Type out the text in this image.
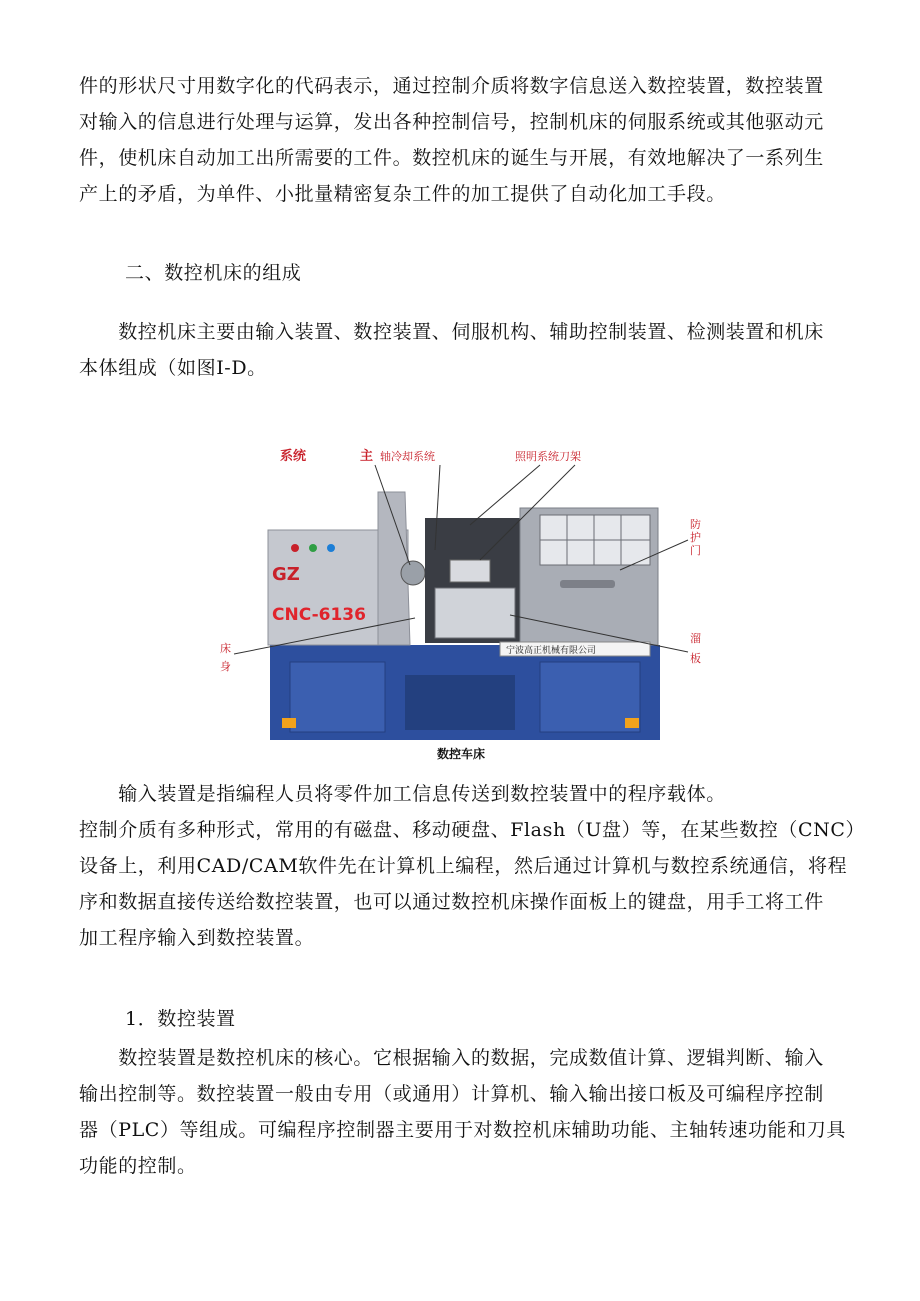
件的形状尺寸用数字化的代码表示，通过控制介质将数字信息送入数控装置，数控装置
对输入的信息进行处理与运算，发出各种控制信号，控制机床的伺服系统或其他驱动元
件，使机床自动加工出所需要的工件。数控机床的诞生与开展，有效地解决了一系列生
产上的矛盾，为单件、小批量精密复杂工件的加工提供了自动化加工手段。

二、数控机床的组成

　　数控机床主要由输入装置、数控装置、伺服机构、辅助控制装置、检测装置和机床
本体组成（如图I-D。
GZ
CNC-6136
宁波高正机械有限公司
系统	主 轴冷却系统	照明系统刀架
防
护
门
床
身
溜
板
数控车床
　　输入装置是指编程人员将零件加工信息传送到数控装置中的程序载体。
控制介质有多种形式，常用的有磁盘、移动硬盘、Flash（U盘）等，在某些数控（CNC）
设备上，利用CAD/CAM软件先在计算机上编程，然后通过计算机与数控系统通信，将程
序和数据直接传送给数控装置，也可以通过数控机床操作面板上的键盘，用手工将工件
加工程序输入到数控装置。

1．数控装置

　　数控装置是数控机床的核心。它根据输入的数据，完成数值计算、逻辑判断、输入
输出控制等。数控装置一般由专用（或通用）计算机、输入输出接口板及可编程序控制
器（PLC）等组成。可编程序控制器主要用于对数控机床辅助功能、主轴转速功能和刀具
功能的控制。
